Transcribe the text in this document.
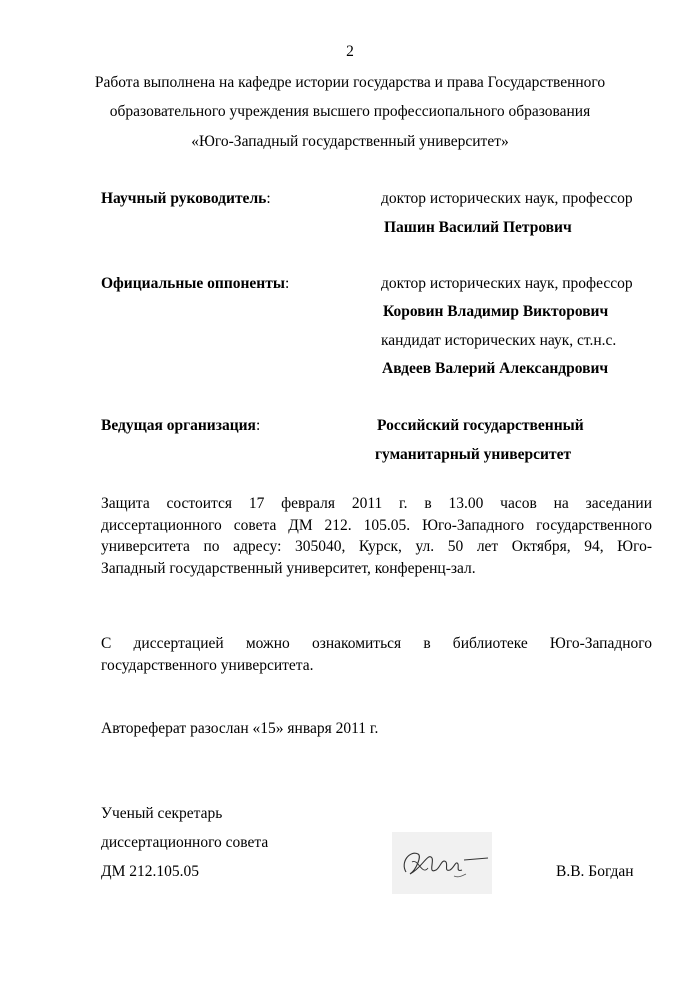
2
Работа выполнена на кафедре истории государства и права Государственного
образовательного учреждения высшего профессиопального образования
«Юго-Западный государственный университет»
Научный руководитель:	доктор исторических наук, профессор
Пашин Василий Петрович
Официальные оппоненты:	доктор исторических наук, профессор
Коровин Владимир Викторович
кандидат исторических наук, ст.н.с.
Авдеев Валерий Александрович
Ведущая организация:	Российский государственный
гуманитарный университет
Защита состоится 17 февраля 2011 г. в 13.00 часов на заседании
диссертационного совета ДМ 212. 105.05. Юго-Западного государственного
университета по адресу: 305040, Курск, ул. 50 лет Октября, 94, Юго-
Западный государственный университет, конференц-зал.
С диссертацией можно ознакомиться в библиотеке Юго-Западного
государственного университета.
Автореферат разослан «15» января 2011 г.
Ученый секретарь
диссертационного совета
ДМ 212.105.05	В.В. Богдан
